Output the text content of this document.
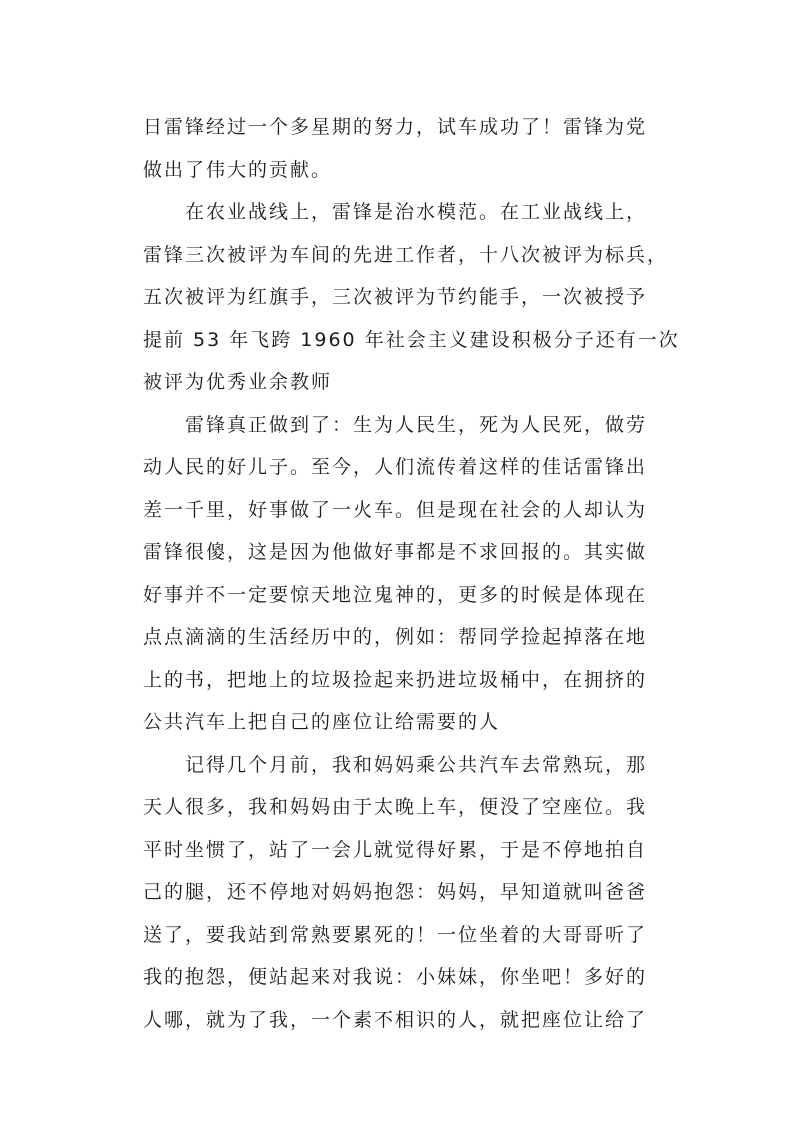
日雷锋经过一个多星期的努力，试车成功了！雷锋为党
做出了伟大的贡献。
　　在农业战线上，雷锋是治水模范。在工业战线上，
雷锋三次被评为车间的先进工作者，十八次被评为标兵，
五次被评为红旗手，三次被评为节约能手，一次被授予
提前 53 年飞跨 1960 年社会主义建设积极分子还有一次
被评为优秀业余教师
　　雷锋真正做到了：生为人民生，死为人民死，做劳
动人民的好儿子。至今，人们流传着这样的佳话雷锋出
差一千里，好事做了一火车。但是现在社会的人却认为
雷锋很傻，这是因为他做好事都是不求回报的。其实做
好事并不一定要惊天地泣鬼神的，更多的时候是体现在
点点滴滴的生活经历中的，例如：帮同学捡起掉落在地
上的书，把地上的垃圾捡起来扔进垃圾桶中，在拥挤的
公共汽车上把自己的座位让给需要的人
　　记得几个月前，我和妈妈乘公共汽车去常熟玩，那
天人很多，我和妈妈由于太晚上车，便没了空座位。我
平时坐惯了，站了一会儿就觉得好累，于是不停地拍自
己的腿，还不停地对妈妈抱怨：妈妈，早知道就叫爸爸
送了，要我站到常熟要累死的！一位坐着的大哥哥听了
我的抱怨，便站起来对我说：小妹妹，你坐吧！多好的
人哪，就为了我，一个素不相识的人，就把座位让给了
